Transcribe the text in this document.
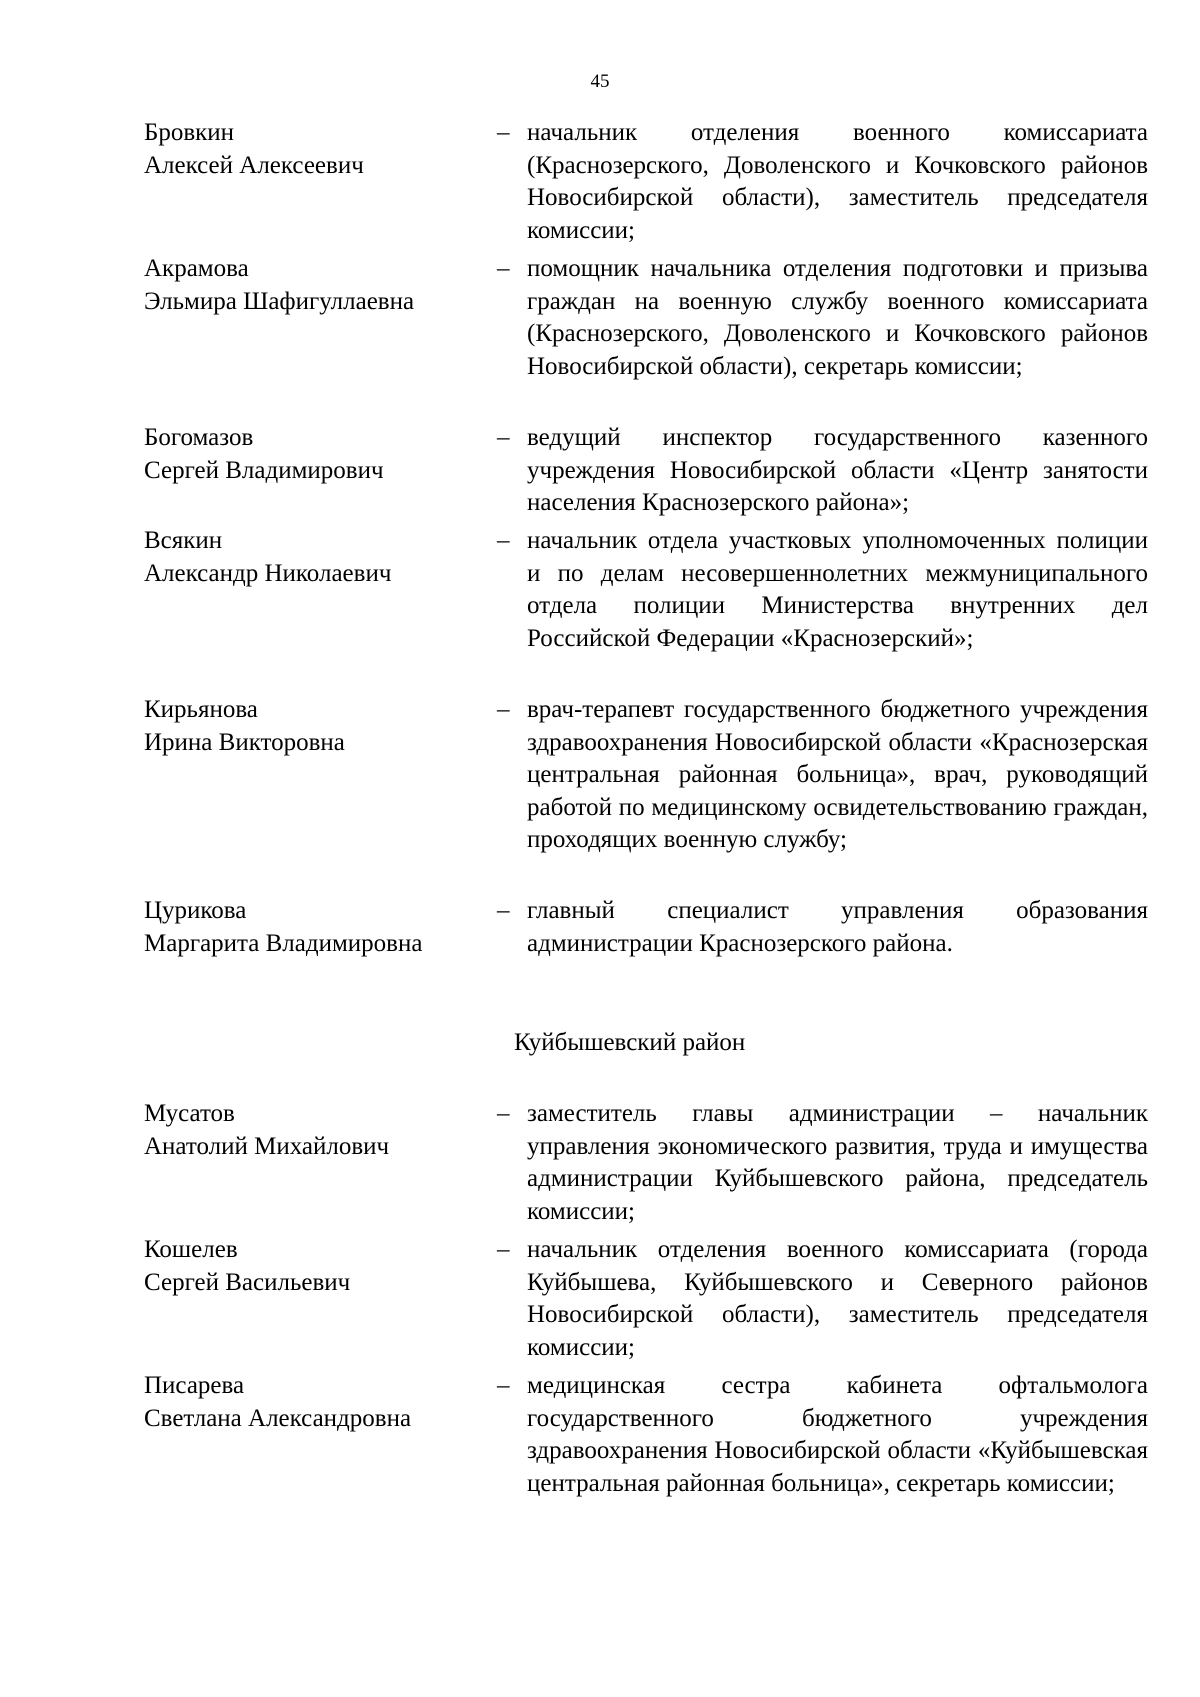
45
Бровкин
Алексей Алексеевич
– начальник отделения военного комиссариата (Краснозерского, Доволенского и Кочковского районов Новосибирской области), заместитель председателя комиссии;
Акрамова
Эльмира Шафигуллаевна
– помощник начальника отделения подготовки и призыва граждан на военную службу военного комиссариата (Краснозерского, Доволенского и Кочковского районов Новосибирской области), секретарь комиссии;
Богомазов
Сергей Владимирович
– ведущий инспектор государственного казенного учреждения Новосибирской области «Центр занятости населения Краснозерского района»;
Всякин
Александр Николаевич
– начальник отдела участковых уполномоченных полиции и по делам несовершеннолетних межмуниципального отдела полиции Министерства внутренних дел Российской Федерации «Краснозерский»;
Кирьянова
Ирина Викторовна
– врач-терапевт государственного бюджетного учреждения здравоохранения Новосибирской области «Краснозерская центральная районная больница», врач, руководящий работой по медицинскому освидетельствованию граждан, проходящих военную службу;
Цурикова
Маргарита Владимировна
– главный специалист управления образования администрации Краснозерского района.
Куйбышевский район
Мусатов
Анатолий Михайлович
– заместитель главы администрации – начальник управления экономического развития, труда и имущества администрации Куйбышевского района, председатель комиссии;
Кошелев
Сергей Васильевич
– начальник отделения военного комиссариата (города Куйбышева, Куйбышевского и Северного районов Новосибирской области), заместитель председателя комиссии;
Писарева
Светлана Александровна
– медицинская сестра кабинета офтальмолога государственного бюджетного учреждения здравоохранения Новосибирской области «Куйбышевская центральная районная больница», секретарь комиссии;
